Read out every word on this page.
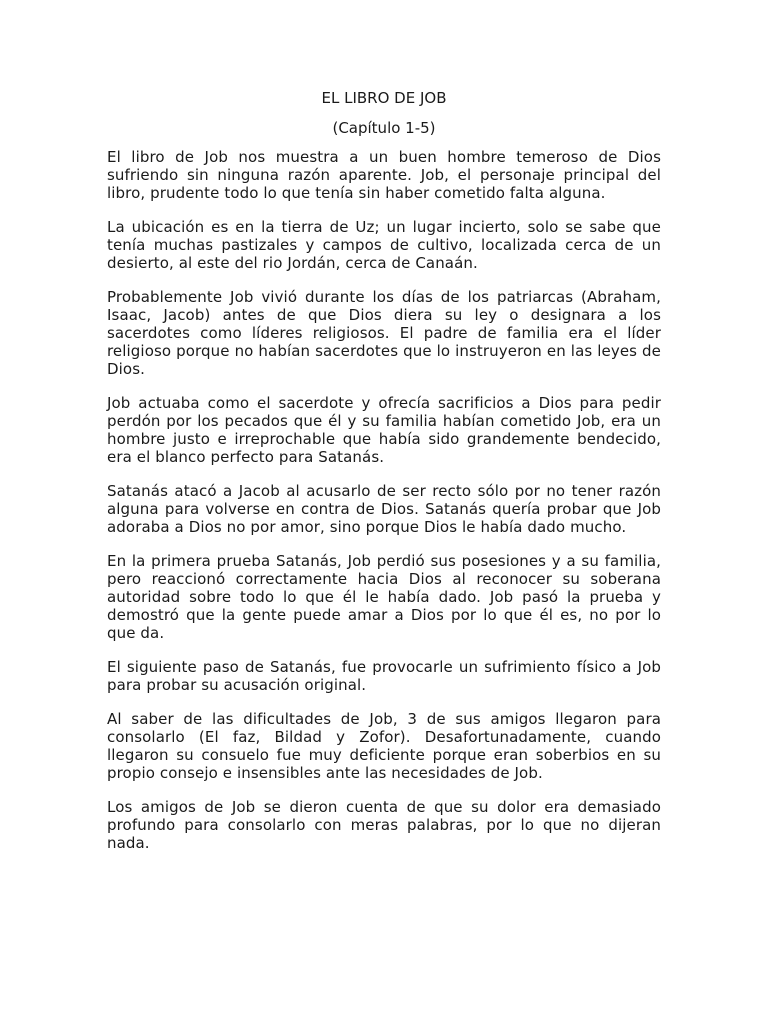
EL LIBRO DE JOB
(Capítulo 1-5)

El libro de Job nos muestra a un buen hombre temeroso de Dios sufriendo sin ninguna razón aparente. Job, el personaje principal del libro, prudente todo lo que tenía sin haber cometido falta alguna.

La ubicación es en la tierra de Uz; un lugar incierto, solo se sabe que tenía muchas pastizales y campos de cultivo, localizada cerca de un desierto, al este del rio Jordán, cerca de Canaán.

Probablemente Job vivió durante los días de los patriarcas (Abraham, Isaac, Jacob) antes de que Dios diera su ley o designara a los sacerdotes como líderes religiosos. El padre de familia era el líder religioso porque no habían sacerdotes que lo instruyeron en las leyes de Dios.

Job actuaba como el sacerdote y ofrecía sacrificios a Dios para pedir perdón por los pecados que él y su familia habían cometido Job, era un hombre justo e irreprochable que había sido grandemente bendecido, era el blanco perfecto para Satanás.

Satanás atacó a Jacob al acusarlo de ser recto sólo por no tener razón alguna para volverse en contra de Dios. Satanás quería probar que Job adoraba a Dios no por amor, sino porque Dios le había dado mucho.

En la primera prueba Satanás, Job perdió sus posesiones y a su familia, pero reaccionó correctamente hacia Dios al reconocer su soberana autoridad sobre todo lo que él le había dado. Job pasó la prueba y demostró que la gente puede amar a Dios por lo que él es, no por lo que da.

El siguiente paso de Satanás, fue provocarle un sufrimiento físico a Job para probar su acusación original.

Al saber de las dificultades de Job, 3 de sus amigos llegaron para consolarlo (El faz, Bildad y Zofor). Desafortunadamente, cuando llegaron su consuelo fue muy deficiente porque eran soberbios en su propio consejo e insensibles ante las necesidades de Job.

Los amigos de Job se dieron cuenta de que su dolor era demasiado profundo para consolarlo con meras palabras, por lo que no dijeran nada.
